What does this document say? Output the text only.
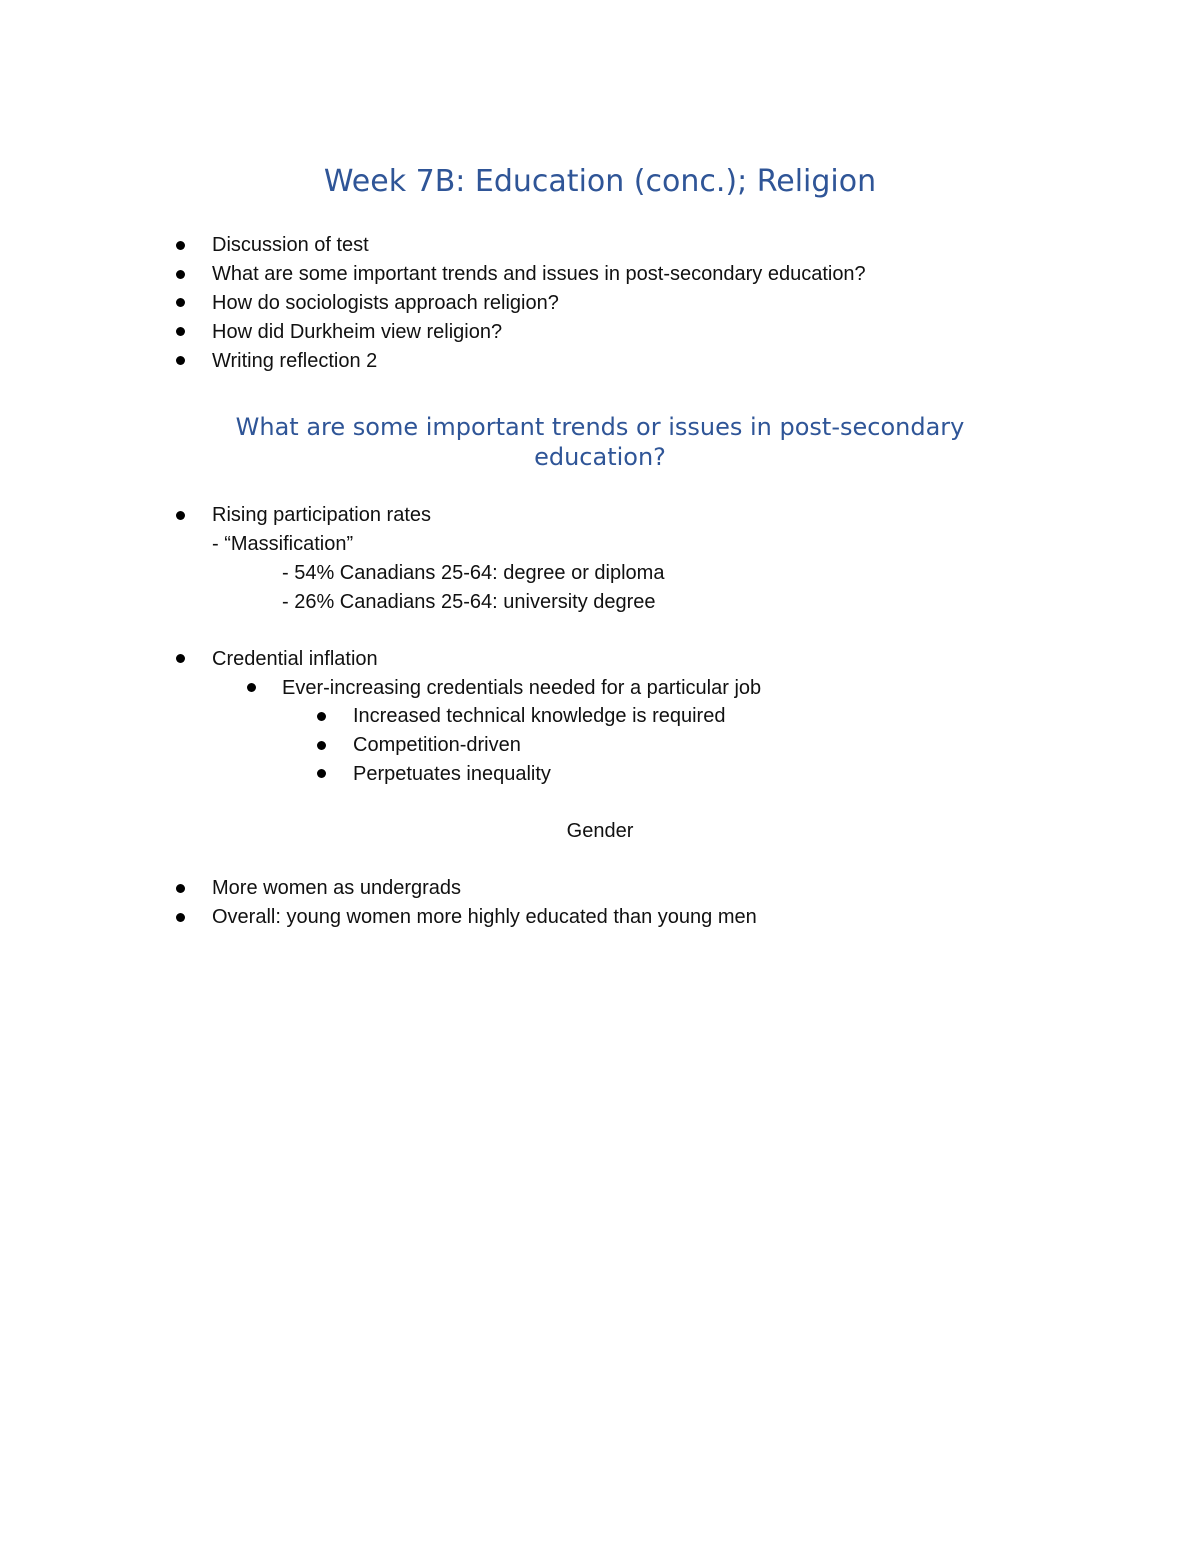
Week 7B: Education (conc.); Religion
Discussion of test
What are some important trends and issues in post-secondary education?
How do sociologists approach religion?
How did Durkheim view religion?
Writing reflection 2
What are some important trends or issues in post-secondary
education?
Rising participation rates
- “Massification”
- 54% Canadians 25-64: degree or diploma
- 26% Canadians 25-64: university degree
Credential inflation
Ever-increasing credentials needed for a particular job
Increased technical knowledge is required
Competition-driven
Perpetuates inequality
Gender
More women as undergrads
Overall: young women more highly educated than young men
